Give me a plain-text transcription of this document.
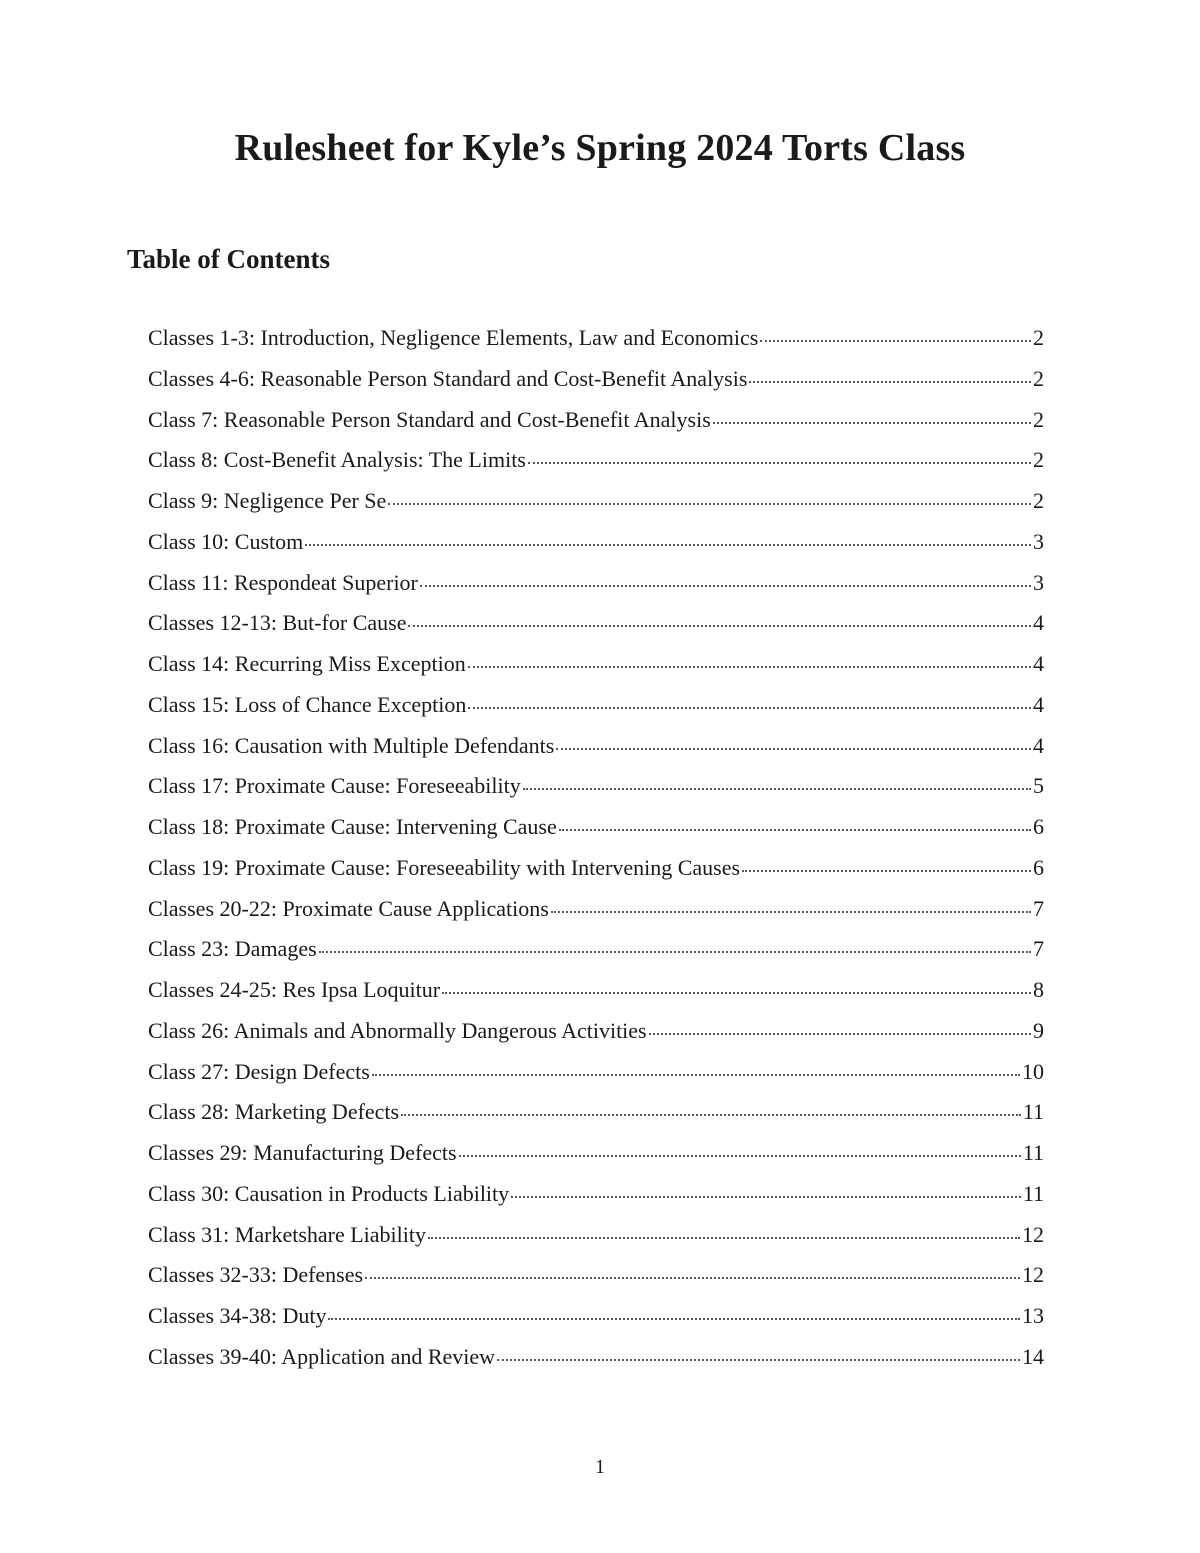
Rulesheet for Kyle’s Spring 2024 Torts Class
Table of Contents
Classes 1-3: Introduction, Negligence Elements, Law and Economics	2
Classes 4-6: Reasonable Person Standard and Cost-Benefit Analysis	2
Class 7: Reasonable Person Standard and Cost-Benefit Analysis	2
Class 8: Cost-Benefit Analysis: The Limits	2
Class 9: Negligence Per Se	2
Class 10: Custom	3
Class 11: Respondeat Superior	3
Classes 12-13: But-for Cause	4
Class 14: Recurring Miss Exception	4
Class 15: Loss of Chance Exception	4
Class 16: Causation with Multiple Defendants	4
Class 17: Proximate Cause: Foreseeability	5
Class 18: Proximate Cause: Intervening Cause	6
Class 19: Proximate Cause: Foreseeability with Intervening Causes	6
Classes 20-22: Proximate Cause Applications	7
Class 23: Damages	7
Classes 24-25: Res Ipsa Loquitur	8
Class 26: Animals and Abnormally Dangerous Activities	9
Class 27: Design Defects	10
Class 28: Marketing Defects	11
Classes 29: Manufacturing Defects	11
Class 30: Causation in Products Liability	11
Class 31: Marketshare Liability	12
Classes 32-33: Defenses	12
Classes 34-38: Duty	13
Classes 39-40: Application and Review	14
1
